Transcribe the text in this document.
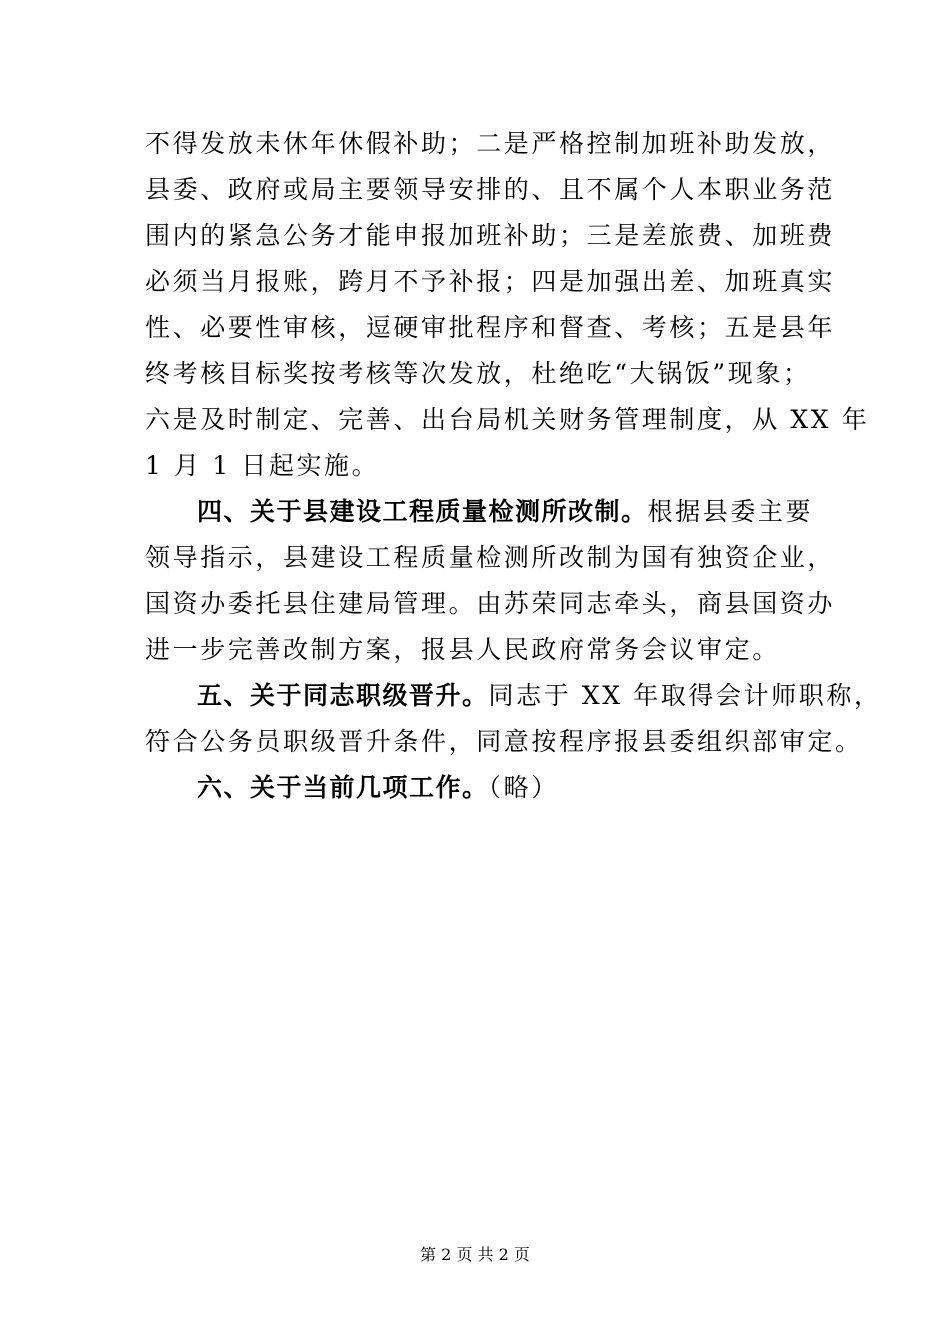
不得发放未休年休假补助；二是严格控制加班补助发放，
县委、政府或局主要领导安排的、且不属个人本职业务范
围内的紧急公务才能申报加班补助；三是差旅费、加班费
必须当月报账，跨月不予补报；四是加强出差、加班真实
性、必要性审核，逗硬审批程序和督查、考核；五是县年
终考核目标奖按考核等次发放，杜绝吃“大锅饭”现象；
六是及时制定、完善、出台局机关财务管理制度，从 XX 年
1 月 1 日起实施。
四、关于县建设工程质量检测所改制。根据县委主要
领导指示，县建设工程质量检测所改制为国有独资企业，
国资办委托县住建局管理。由苏荣同志牵头，商县国资办
进一步完善改制方案，报县人民政府常务会议审定。
五、关于同志职级晋升。同志于 XX 年取得会计师职称，
符合公务员职级晋升条件，同意按程序报县委组织部审定。
六、关于当前几项工作。（略）
第 2 页 共 2 页
